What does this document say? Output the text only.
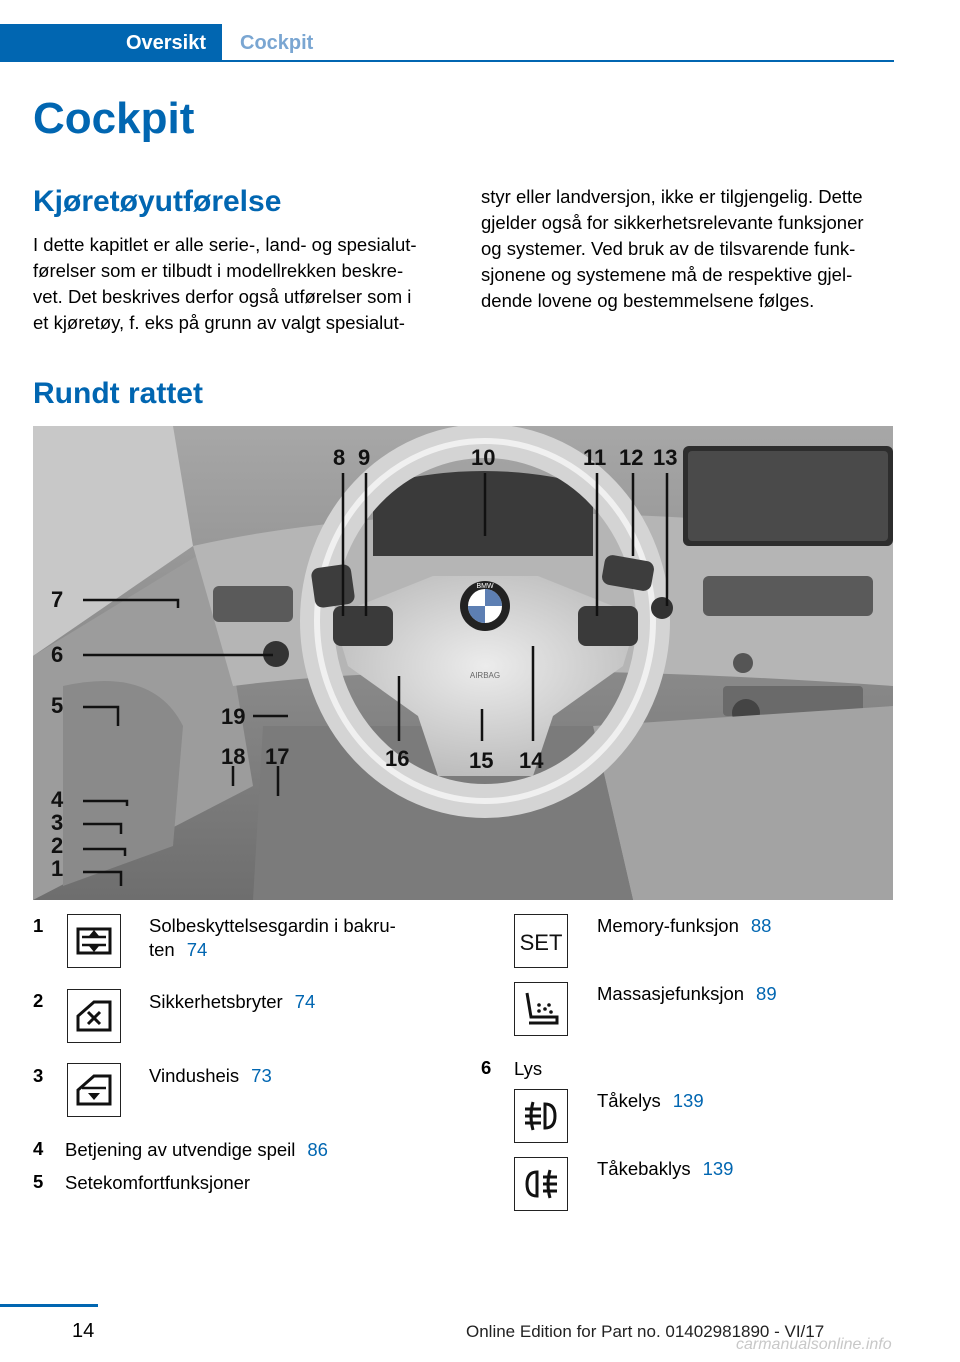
Oversikt	Cockpit
Cockpit
Kjøretøyutførelse

I dette kapitlet er alle serie-, land- og spesialut-
førelser som er tilbudt i modellrekken beskre-
vet. Det beskrives derfor også utførelser som i
et kjøretøy, f. eks på grunn av valgt spesialut-

styr eller landversjon, ikke er tilgjengelig. Dette
gjelder også for sikkerhetsrelevante funksjoner
og systemer. Ved bruk av de tilsvarende funk-
sjonene og systemene må de respektive gjel-
dende lovene og bestemmelsene følges.

Rundt rattet
BMW
AIRBAG
1
2
3
4
5
6
7
8 9	10	11 12 13
14
15
16
17
18
19
1	Solbeskyttelsesgardin i bakru-
ten 74
2	Sikkerhetsbryter 74
3	Vindusheis 73
4 Betjening av utvendige speil 86
5 Setekomfortfunksjoner
SET
Memory-funksjon 88
Massasjefunksjon 89
6 Lys
Tåkelys 139
Tåkebaklys 139
14	Online Edition for Part no. 01402981890 - VI/17
carmanualsonline.info
